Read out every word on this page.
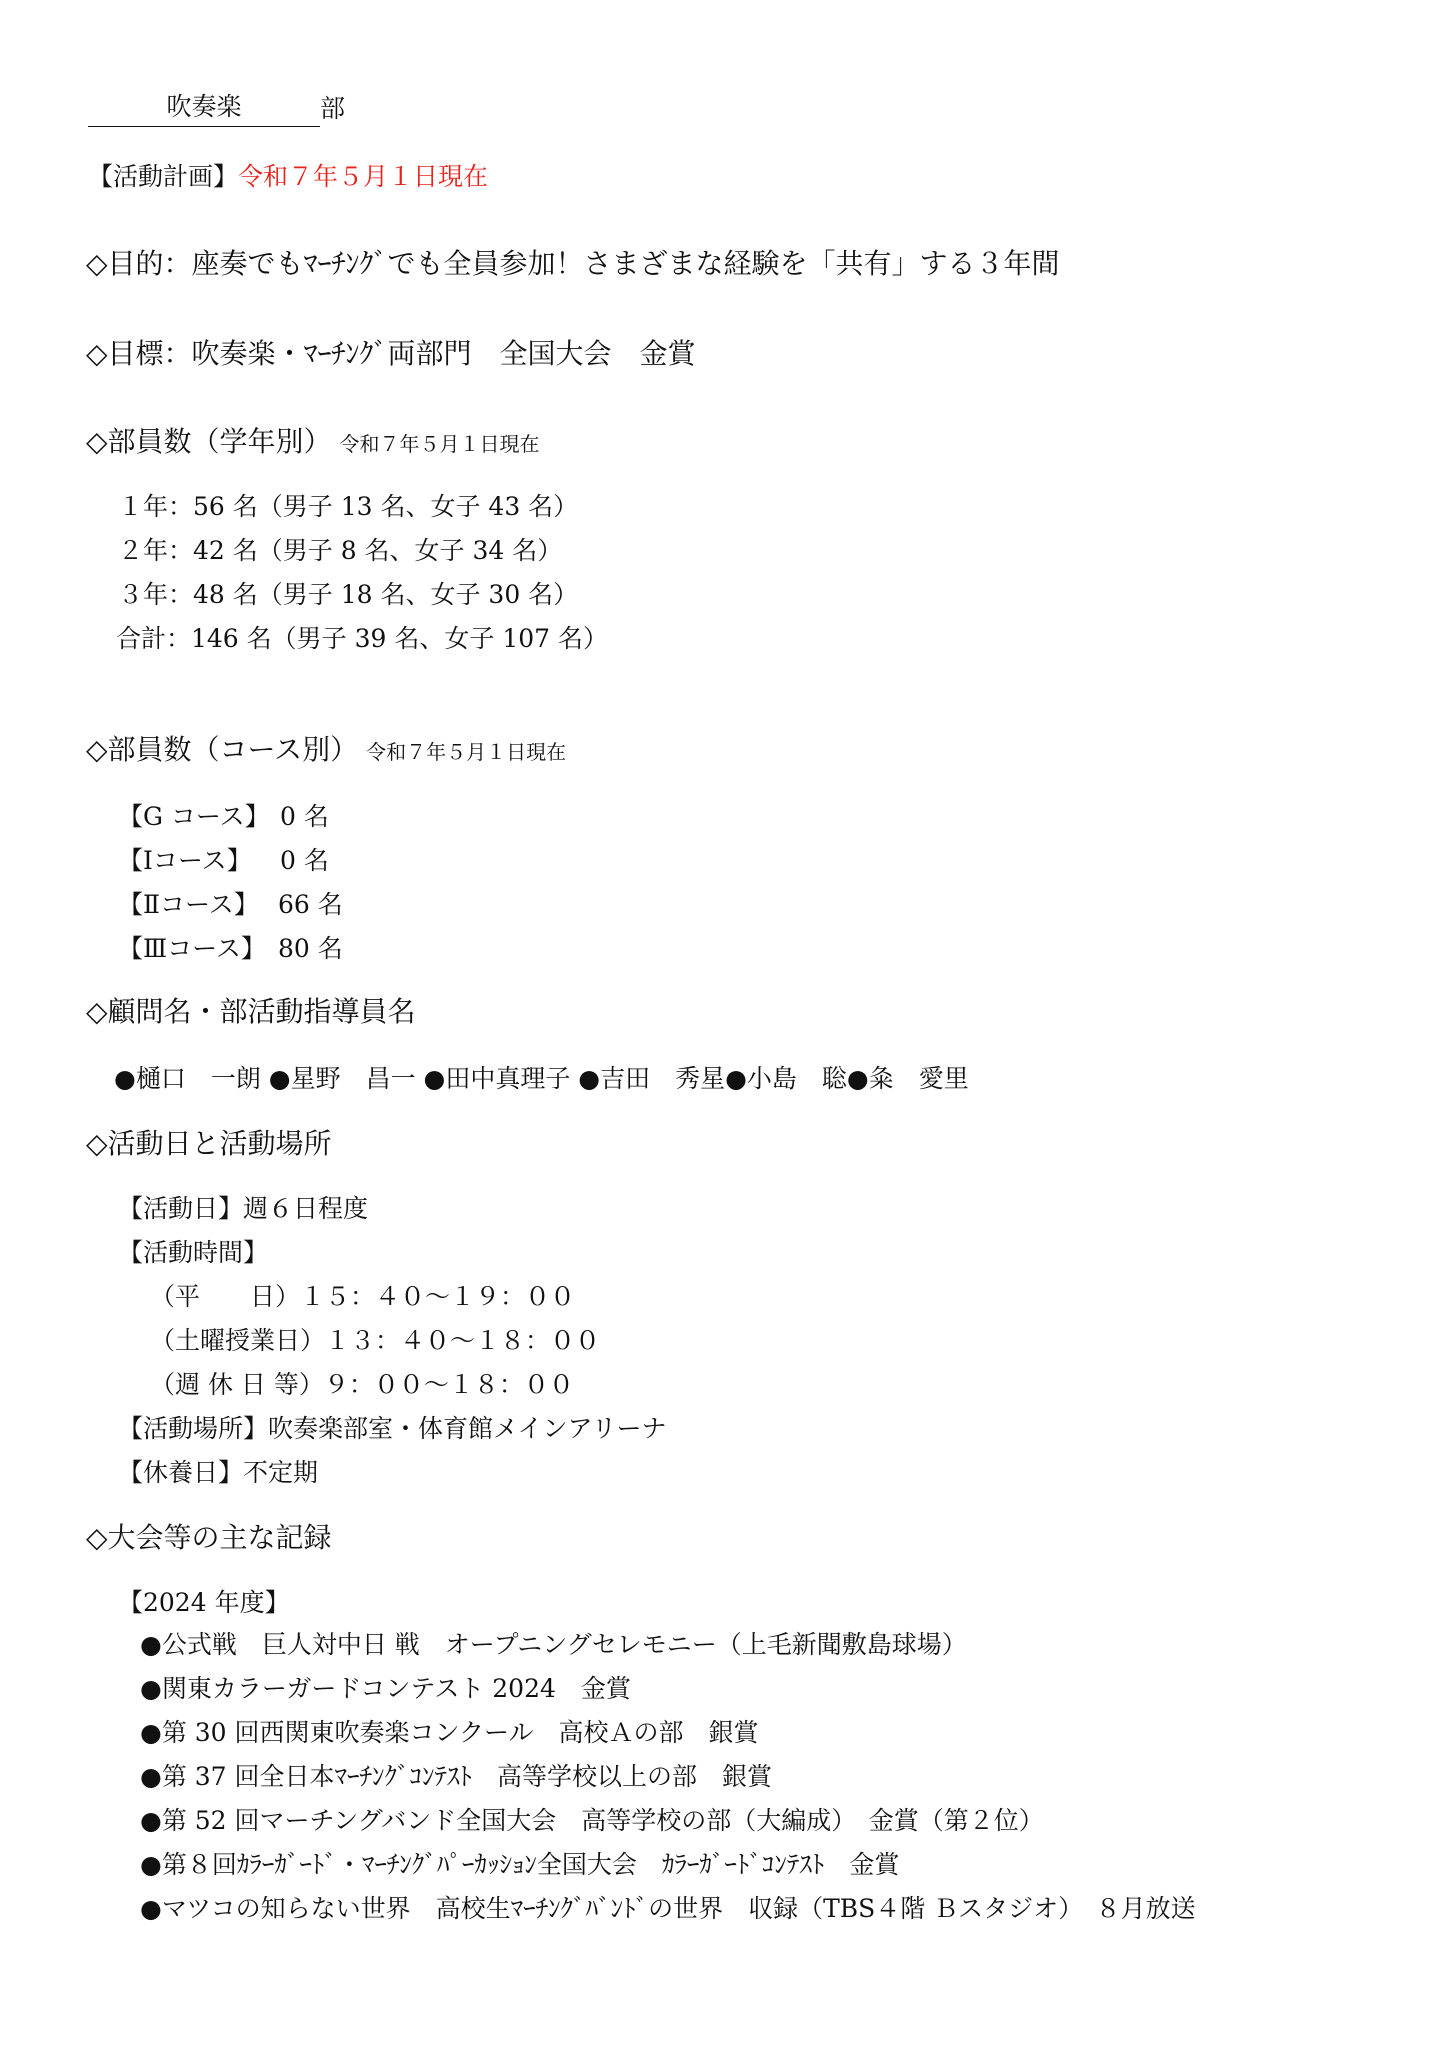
吹奏楽	部
【活動計画】令和７年５月１日現在
◇目的：座奏でもﾏｰﾁﾝｸﾞでも全員参加！さまざまな経験を「共有」する３年間
◇目標：吹奏楽・ﾏｰﾁﾝｸﾞ両部門　全国大会　金賞
◇部員数（学年別） 令和７年５月１日現在
１年：56 名（男子 13 名、女子 43 名）
２年：42 名（男子 8 名、女子 34 名）
３年：48 名（男子 18 名、女子 30 名）
合計：146 名（男子 39 名、女子 107 名）
◇部員数（コース別） 令和７年５月１日現在
【G コース】 0 名
【Ⅰコース】 0 名
【Ⅱコース】 66 名
【Ⅲコース】 80 名
◇顧問名・部活動指導員名
●樋口　一朗 ●星野　昌一 ●田中真理子 ●吉田　秀星●小島　聡●粂　愛里
◇活動日と活動場所
【活動日】週６日程度
【活動時間】
（平　　日）１５：４０～１９：００
（土曜授業日）１３：４０～１８：００
（週 休 日 等）９：００～１８：００
【活動場所】吹奏楽部室・体育館メインアリーナ
【休養日】不定期
◇大会等の主な記録
【2024 年度】
●公式戦　巨人対中日 戦　オープニングセレモニー（上毛新聞敷島球場）
●関東カラーガードコンテスト 2024　金賞
●第 30 回西関東吹奏楽コンクール　高校Ａの部　銀賞
●第 37 回全日本ﾏｰﾁﾝｸﾞｺﾝﾃｽﾄ　高等学校以上の部　銀賞
●第 52 回マーチングバンド全国大会　高等学校の部（大編成）　金賞（第２位）
●第８回ｶﾗｰｶﾞｰﾄﾞ・ﾏｰﾁﾝｸﾞﾊﾟｰｶｯｼｮﾝ全国大会　ｶﾗｰｶﾞｰﾄﾞｺﾝﾃｽﾄ　金賞
●マツコの知らない世界　高校生ﾏｰﾁﾝｸﾞﾊﾞﾝﾄﾞの世界　収録（TBS４階 Ｂスタジオ）　８月放送
